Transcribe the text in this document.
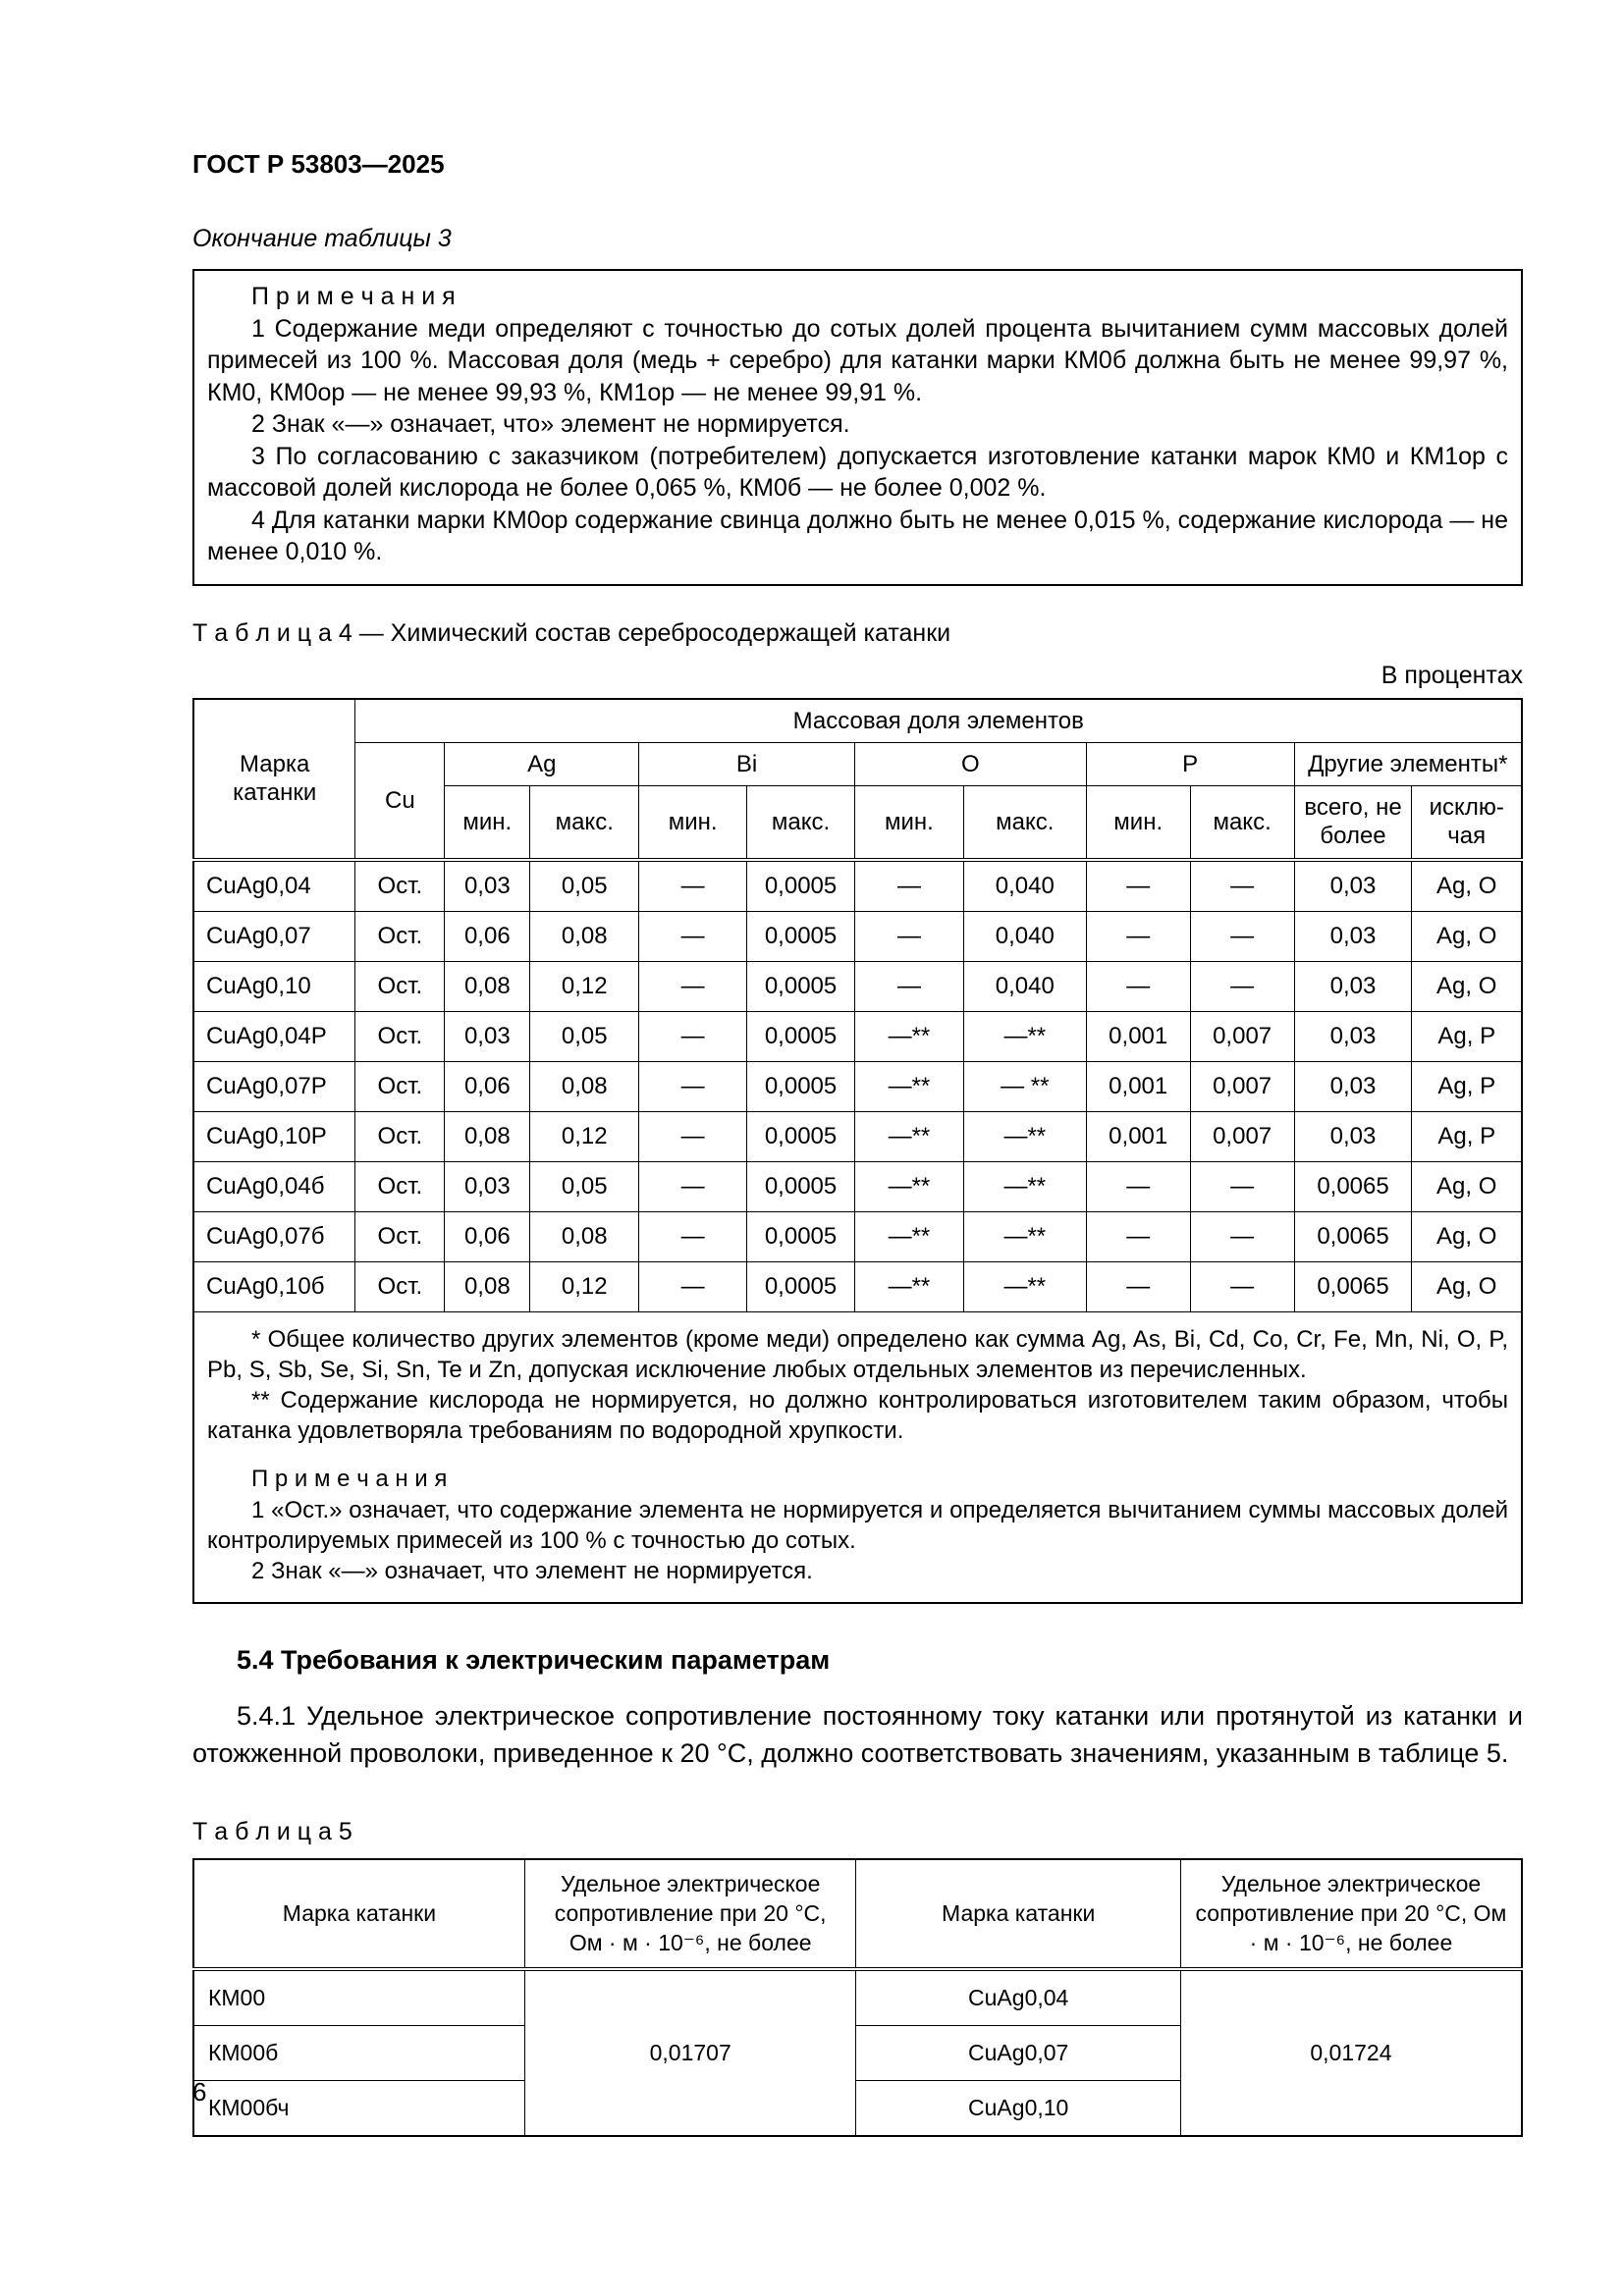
ГОСТ Р 53803—2025
Окончание таблицы 3

П р и м е ч а н и я

1 Содержание меди определяют с точностью до сотых долей процента вычитанием сумм массовых долей примесей из 100 %. Массовая доля (медь + серебро) для катанки марки КМ0б должна быть не менее 99,97 %, КМ0, КМ0ор — не менее 99,93 %, КМ1ор — не менее 99,91 %.

2 Знак «—» означает, что» элемент не нормируется.

3 По согласованию с заказчиком (потребителем) допускается изготовление катанки марок КМ0 и КМ1ор с массовой долей кислорода не более 0,065 %, КМ0б — не более 0,002 %.

4 Для катанки марки КМ0ор содержание свинца должно быть не менее 0,015 %, содержание кислорода — не менее 0,010 %.

Т а б л и ц а 4 — Химический состав серебросодержащей катанки
В процентах
Марка катанки	Массовая доля элементов										
	Cu	Ag		Bi		O		P		Другие элементы*	
		мин.	макс.	мин.	макс.	мин.	макс.	мин.	макс.	всего, не более	исклю-чая
CuAg0,04	Ост.	0,03	0,05	—	0,0005	—	0,040	—	—	0,03	Ag, O
CuAg0,07	Ост.	0,06	0,08	—	0,0005	—	0,040	—	—	0,03	Ag, O
CuAg0,10	Ост.	0,08	0,12	—	0,0005	—	0,040	—	—	0,03	Ag, O
CuAg0,04Р	Ост.	0,03	0,05	—	0,0005	—**	—**	0,001	0,007	0,03	Ag, P
CuAg0,07Р	Ост.	0,06	0,08	—	0,0005	—**	— **	0,001	0,007	0,03	Ag, P
CuAg0,10Р	Ост.	0,08	0,12	—	0,0005	—**	—**	0,001	0,007	0,03	Ag, P
CuAg0,04б	Ост.	0,03	0,05	—	0,0005	—**	—**	—	—	0,0065	Ag, O
CuAg0,07б	Ост.	0,06	0,08	—	0,0005	—**	—**	—	—	0,0065	Ag, O
CuAg0,10б	Ост.	0,08	0,12	—	0,0005	—**	—**	—	—	0,0065	Ag, O

* Общее количество других элементов (кроме меди) определено как сумма Ag, As, Bi, Cd, Co, Cr, Fe, Mn, Ni, O, P, Pb, S, Sb, Se, Si, Sn, Te и Zn, допуская исключение любых отдельных элементов из перечисленных.

** Содержание кислорода не нормируется, но должно контролироваться изготовителем таким образом, чтобы катанка удовлетворяла требованиям по водородной хрупкости.

П р и м е ч а н и я

1 «Ост.» означает, что содержание элемента не нормируется и определяется вычитанием суммы массовых долей контролируемых примесей из 100 % с точностью до сотых.

2 Знак «—» означает, что элемент не нормируется.											

5.4 Требования к электрическим параметрам

5.4.1 Удельное электрическое сопротивление постоянному току катанки или протянутой из катанки и отожженной проволоки, приведенное к 20 °С, должно соответствовать значениям, указанным в таблице 5.

Т а б л и ц а 5
Марка катанки	Удельное электрическое сопротивление при 20 °С, Ом · м · 10⁻⁶, не более	Марка катанки	Удельное электрическое сопротивление при 20 °С, Ом · м · 10⁻⁶, не более
КМ00	0,01707	CuAg0,04	0,01724
КМ00б		CuAg0,07	
КМ00бч		CuAg0,10	
6
